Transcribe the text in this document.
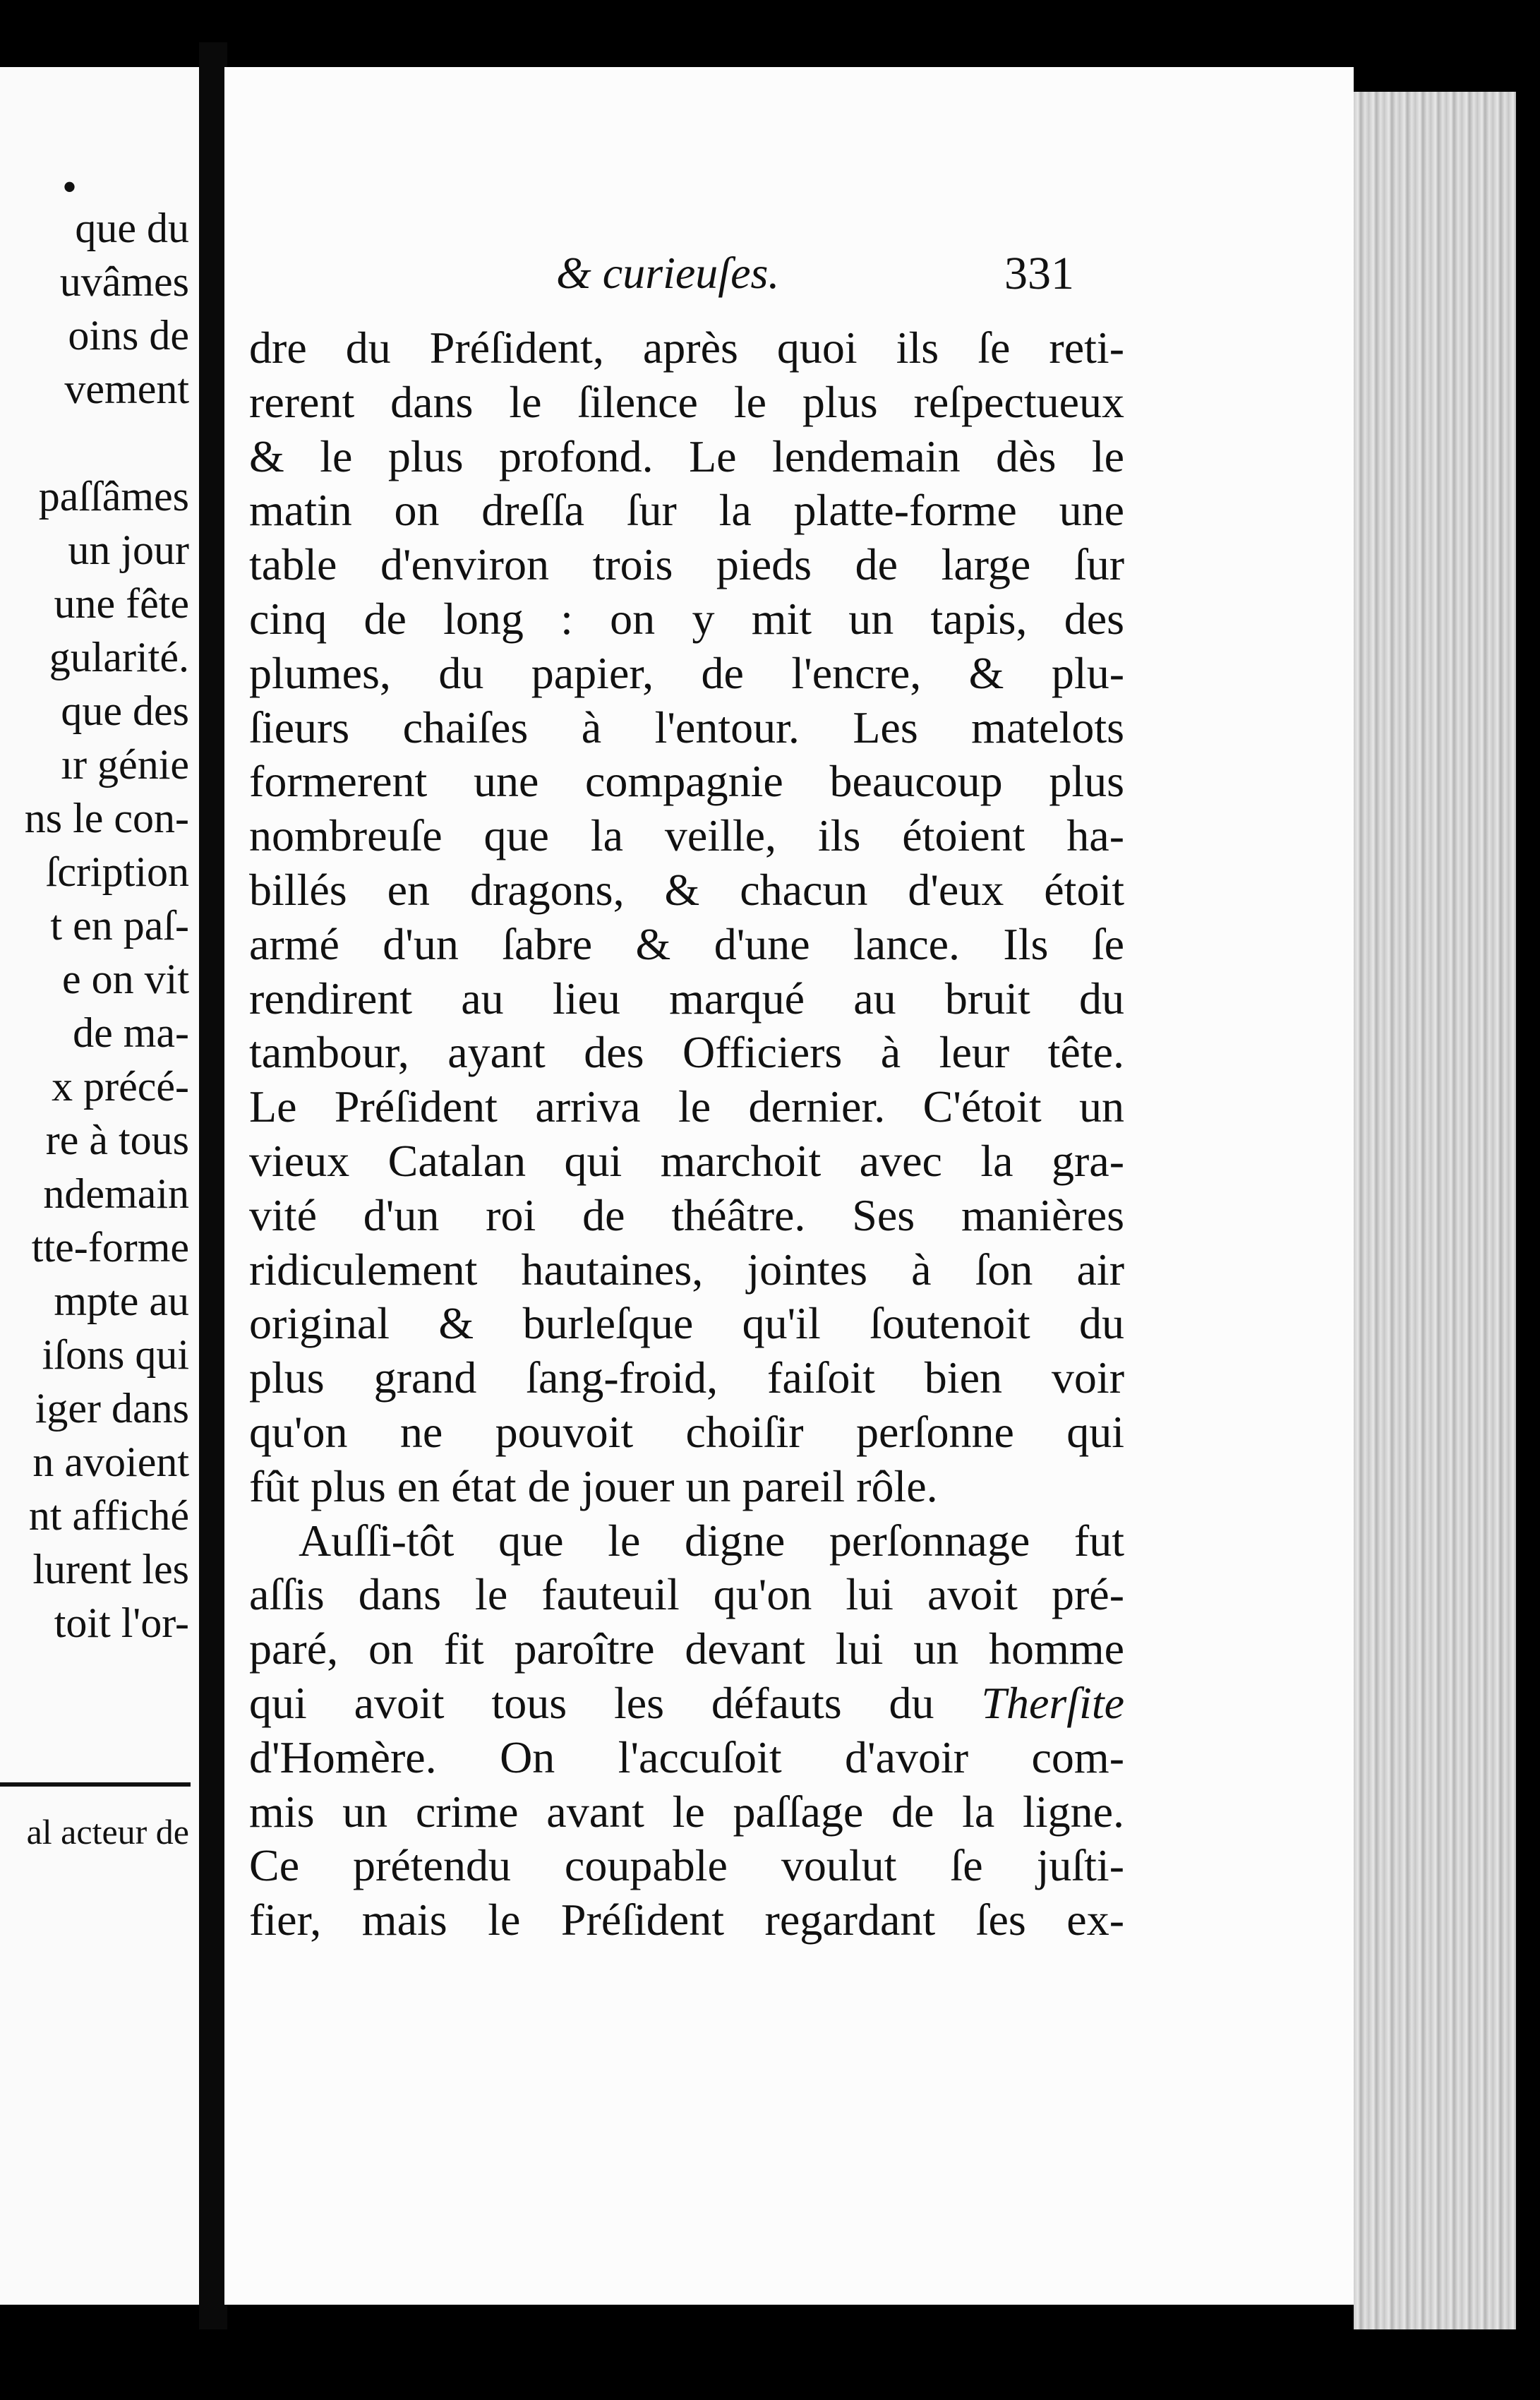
•
que du
uvâmes
oins de
vement
paſſâmes
un jour
une fête
gularité.
que des
ır génie
ns le con-
ſcription
t en paſ-
e on vit
de ma-
x précé-
re à tous
ndemain
tte-forme
mpte au
iſons qui
iger dans
n avoient
nt affiché
lurent les
toit l'or-
al acteur de
& curieuſes.	331
dre du Préſident, après quoi ils ſe reti-
rerent dans le ſilence le plus reſpectueux
& le plus profond. Le lendemain dès le
matin on dreſſa ſur la platte-forme une
table d'environ trois pieds de large ſur
cinq de long : on y mit un tapis, des
plumes, du papier, de l'encre, & plu-
ſieurs chaiſes à l'entour. Les matelots
formerent une compagnie beaucoup plus
nombreuſe que la veille, ils étoient ha-
billés en dragons, & chacun d'eux étoit
armé d'un ſabre & d'une lance. Ils ſe
rendirent au lieu marqué au bruit du
tambour, ayant des Officiers à leur tête.
Le Préſident arriva le dernier. C'étoit un
vieux Catalan qui marchoit avec la gra-
vité d'un roi de théâtre. Ses manières
ridiculement hautaines, jointes à ſon air
original & burleſque qu'il ſoutenoit du
plus grand ſang-froid, faiſoit bien voir
qu'on ne pouvoit choiſir perſonne qui
fût plus en état de jouer un pareil rôle.
Auſſi-tôt que le digne perſonnage fut
aſſis dans le fauteuil qu'on lui avoit pré-
paré, on fit paroître devant lui un homme
qui avoit tous les défauts du Therſite
d'Homère. On l'accuſoit d'avoir com-
mis un crime avant le paſſage de la ligne.
Ce prétendu coupable voulut ſe juſti-
fier, mais le Préſident regardant ſes ex-
